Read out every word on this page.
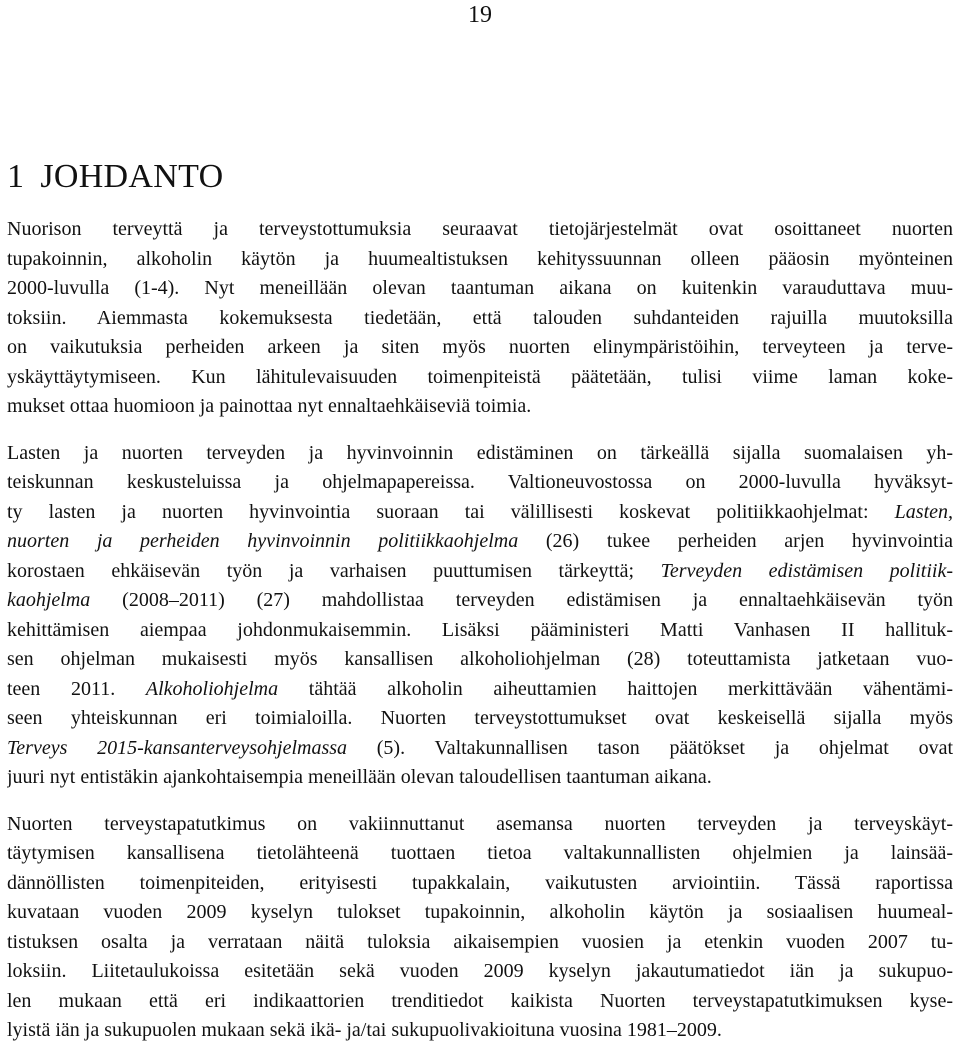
19
1 JOHDANTO
Nuorison terveyttä ja terveystottumuksia seuraavat tietojärjestelmät ovat osoittaneet nuorten
tupakoinnin, alkoholin käytön ja huumealtistuksen kehityssuunnan olleen pääosin myönteinen
2000-luvulla (1-4). Nyt meneillään olevan taantuman aikana on kuitenkin varauduttava muu-
toksiin. Aiemmasta kokemuksesta tiedetään, että talouden suhdanteiden rajuilla muutoksilla
on vaikutuksia perheiden arkeen ja siten myös nuorten elinympäristöihin, terveyteen ja terve-
yskäyttäytymiseen. Kun lähitulevaisuuden toimenpiteistä päätetään, tulisi viime laman koke-
mukset ottaa huomioon ja painottaa nyt ennaltaehkäiseviä toimia.
Lasten ja nuorten terveyden ja hyvinvoinnin edistäminen on tärkeällä sijalla suomalaisen yh-
teiskunnan keskusteluissa ja ohjelmapapereissa. Valtioneuvostossa on 2000-luvulla hyväksyt-
ty lasten ja nuorten hyvinvointia suoraan tai välillisesti koskevat politiikkaohjelmat: Lasten,
nuorten ja perheiden hyvinvoinnin politiikkaohjelma (26) tukee perheiden arjen hyvinvointia
korostaen ehkäisevän työn ja varhaisen puuttumisen tärkeyttä; Terveyden edistämisen politiik-
kaohjelma (2008–2011) (27) mahdollistaa terveyden edistämisen ja ennaltaehkäisevän työn
kehittämisen aiempaa johdonmukaisemmin. Lisäksi pääministeri Matti Vanhasen II hallituk-
sen ohjelman mukaisesti myös kansallisen alkoholiohjelman (28) toteuttamista jatketaan vuo-
teen 2011. Alkoholiohjelma tähtää alkoholin aiheuttamien haittojen merkittävään vähentämi-
seen yhteiskunnan eri toimialoilla. Nuorten terveystottumukset ovat keskeisellä sijalla myös
Terveys 2015-kansanterveysohjelmassa (5). Valtakunnallisen tason päätökset ja ohjelmat ovat
juuri nyt entistäkin ajankohtaisempia meneillään olevan taloudellisen taantuman aikana.
Nuorten terveystapatutkimus on vakiinnuttanut asemansa nuorten terveyden ja terveyskäyt-
täytymisen kansallisena tietolähteenä tuottaen tietoa valtakunnallisten ohjelmien ja lainsää-
dännöllisten toimenpiteiden, erityisesti tupakkalain, vaikutusten arviointiin. Tässä raportissa
kuvataan vuoden 2009 kyselyn tulokset tupakoinnin, alkoholin käytön ja sosiaalisen huumeal-
tistuksen osalta ja verrataan näitä tuloksia aikaisempien vuosien ja etenkin vuoden 2007 tu-
loksiin. Liitetaulukoissa esitetään sekä vuoden 2009 kyselyn jakautumatiedot iän ja sukupuo-
len mukaan että eri indikaattorien trenditiedot kaikista Nuorten terveystapatutkimuksen kyse-
lyistä iän ja sukupuolen mukaan sekä ikä- ja/tai sukupuolivakioituna vuosina 1981–2009.
